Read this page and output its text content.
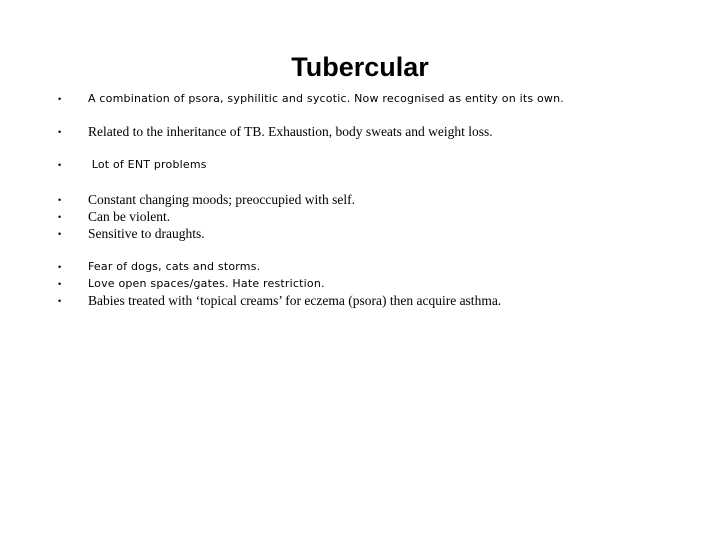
Tubercular
•	A combination of psora, syphilitic and sycotic. Now recognised as entity on its own.
•	Related to the inheritance of TB. Exhaustion, body sweats and weight loss.
•	Lot of ENT problems
•	Constant changing moods; preoccupied with self.
•	Can be violent.
•	Sensitive to draughts.
•	Fear of dogs, cats and storms.
•	Love open spaces/gates. Hate restriction.
•	Babies treated with ‘topical creams’ for eczema (psora) then acquire asthma.
